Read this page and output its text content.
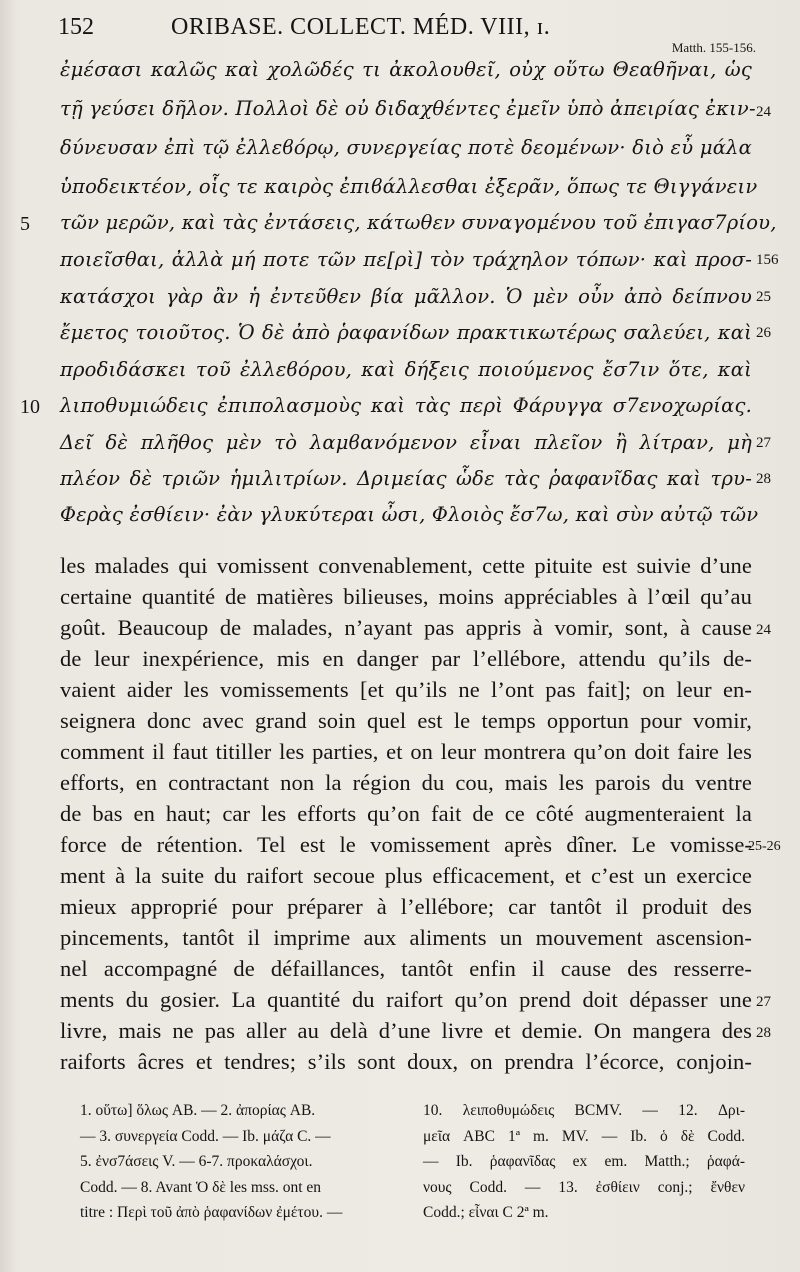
152	ORIBASE. COLLECT. MÉD. VIII, ɪ.
Matth. 155-156.
ἐμέσασι καλῶς καὶ χολῶδές τι ἀκολουθεῖ, οὐχ οὕτω Θεαθῆναι, ὡς
τῇ γεύσει δῆλον. Πολλοὶ δὲ οὐ διδαχθέντες ἐμεῖν ὑπὸ ἀπειρίας ἐκιν-
δύνευσαν ἐπὶ τῷ ἐλλεϐόρῳ, συνεργείας ποτὲ δεομένων· διὸ εὖ μάλα
ὑποδεικτέον, οἷς τε καιρὸς ἐπιϐάλλεσθαι ἐξερᾶν, ὅπως τε Θιγγάνειν
τῶν μερῶν, καὶ τὰς ἐντάσεις, κάτωθεν συναγομένου τοῦ ἐπιγασ7ρίου,
ποιεῖσθαι, ἀλλὰ μή ποτε τῶν πε[ρὶ] τὸν τράχηλον τόπων· καὶ προσ-
κατάσχοι γὰρ ἂν ἡ ἐντεῦθεν βία μᾶλλον. Ὁ μὲν οὖν ἀπὸ δείπνου
ἔμετος τοιοῦτος. Ὁ δὲ ἀπὸ ῥαφανίδων πρακτικωτέρως σαλεύει, καὶ
προδιδάσκει τοῦ ἐλλεϐόρου, καὶ δήξεις ποιούμενος ἔσ7ιν ὅτε, καὶ
λιποθυμιώδεις ἐπιπολασμοὺς καὶ τὰς περὶ Φάρυγγα σ7ενοχωρίας.
Δεῖ δὲ πλῆθος μὲν τὸ λαμϐανόμενον εἶναι πλεῖον ἢ λίτραν, μὴ
πλέον δὲ τριῶν ἡμιλιτρίων. Δριμείας ὧδε τὰς ῥαφανῖδας καὶ τρυ-
Φερὰς ἐσθίειν· ἐὰν γλυκύτεραι ὦσι, Φλοιὸς ἔσ7ω, καὶ σὺν αὐτῷ τῶν
5
10
24
156
25
26
27
28
les malades qui vomissent convenablement, cette pituite est suivie d’une
certaine quantité de matières bilieuses, moins appréciables à l’œil qu’au
goût. Beaucoup de malades, n’ayant pas appris à vomir, sont, à cause
de leur inexpérience, mis en danger par l’ellébore, attendu qu’ils de-
vaient aider les vomissements [et qu’ils ne l’ont pas fait]; on leur en-
seignera donc avec grand soin quel est le temps opportun pour vomir,
comment il faut titiller les parties, et on leur montrera qu’on doit faire les
efforts, en contractant non la région du cou, mais les parois du ventre
de bas en haut; car les efforts qu’on fait de ce côté augmenteraient la
force de rétention. Tel est le vomissement après dîner. Le vomisse-
ment à la suite du raifort secoue plus efficacement, et c’est un exercice
mieux approprié pour préparer à l’ellébore; car tantôt il produit des
pincements, tantôt il imprime aux aliments un mouvement ascension-
nel accompagné de défaillances, tantôt enfin il cause des resserre-
ments du gosier. La quantité du raifort qu’on prend doit dépasser une
livre, mais ne pas aller au delà d’une livre et demie. On mangera des
raiforts âcres et tendres; s’ils sont doux, on prendra l’écorce, conjoin-
24
25-26
27
28
1. οὕτω] ὅλως AB. — 2. ἀπορίας AB.
— 3. συνεργεία Codd. — Ib. μάζα C. —
5. ἐνσ7άσεις V. — 6-7. προκαλάσχοι.
Codd. — 8. Avant Ὁ δὲ les mss. ont en
titre : Περὶ τοῦ ἀπὸ ῥαφανίδων ἐμέτου. —
10. λειποθυμώδεις BCMV. — 12. Δρι-
μεῖα ABC 1ª m. MV. — Ib. ὁ δὲ Codd.
— Ib. ῥαφανῖδας ex em. Matth.; ῥαφά-
νους Codd. — 13. ἐσθίειν conj.; ἔνθεν
Codd.; εἶναι C 2ª m.
